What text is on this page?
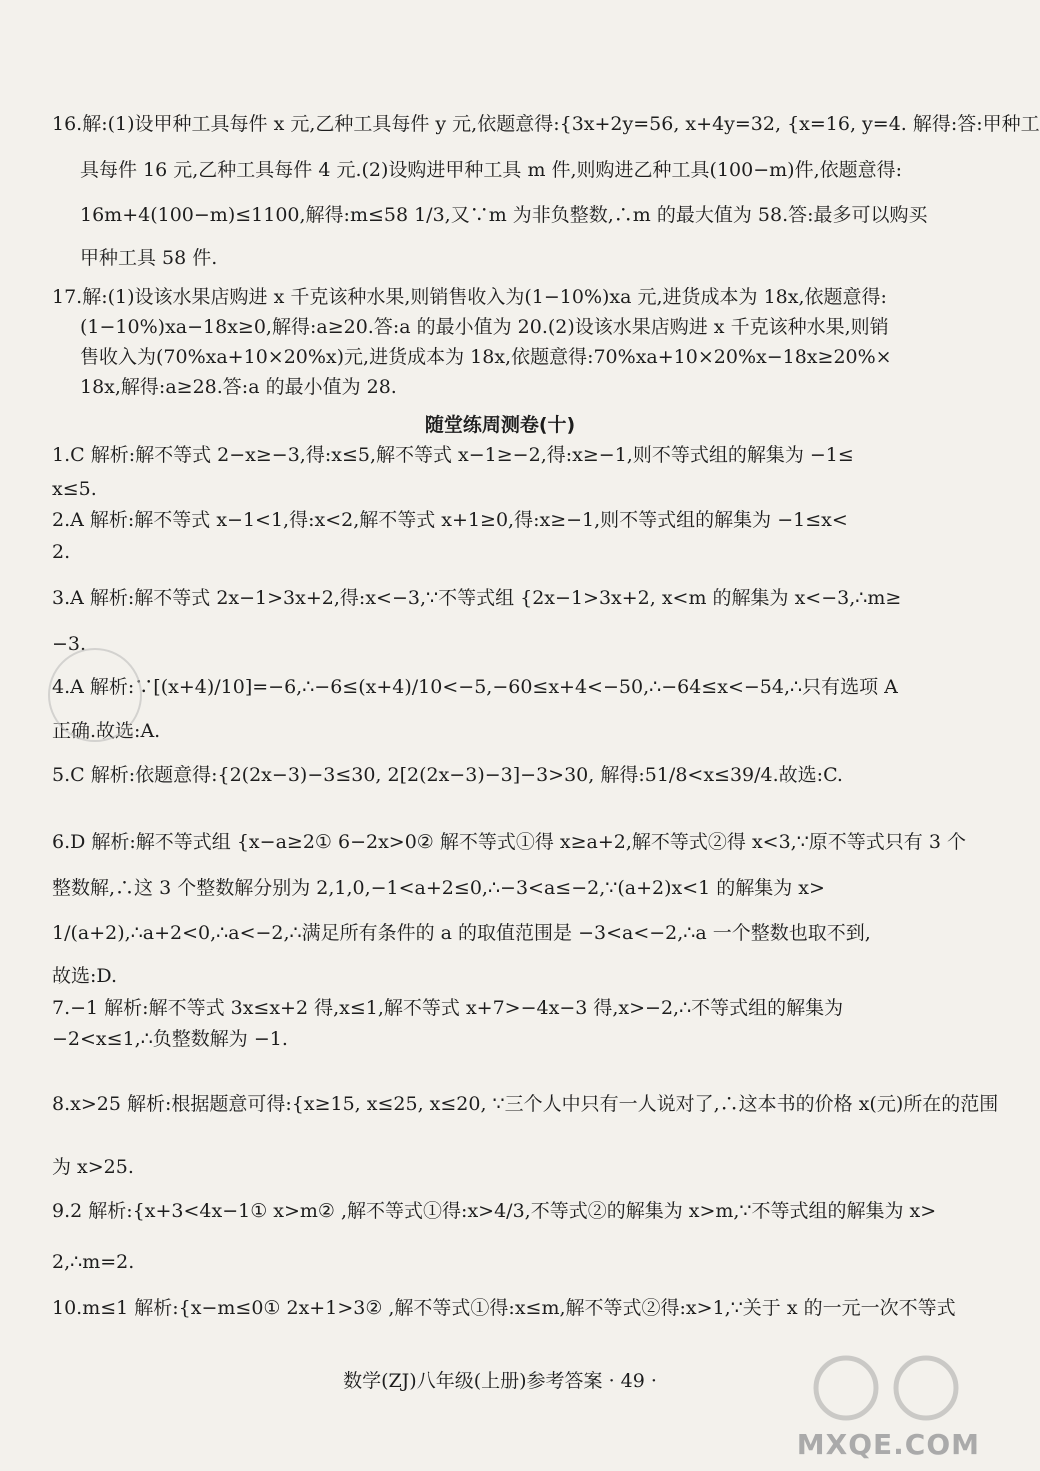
16.解:(1)设甲种工具每件 x 元,乙种工具每件 y 元,依题意得:{3x+2y=56, x+4y=32, {x=16, y=4. 解得:答:甲种工
具每件 16 元,乙种工具每件 4 元.(2)设购进甲种工具 m 件,则购进乙种工具(100−m)件,依题意得:
16m+4(100−m)≤1100,解得:m≤58 1/3,又∵m 为非负整数,∴m 的最大值为 58.答:最多可以购买
甲种工具 58 件.
17.解:(1)设该水果店购进 x 千克该种水果,则销售收入为(1−10%)xa 元,进货成本为 18x,依题意得:
(1−10%)xa−18x≥0,解得:a≥20.答:a 的最小值为 20.(2)设该水果店购进 x 千克该种水果,则销
售收入为(70%xa+10×20%x)元,进货成本为 18x,依题意得:70%xa+10×20%x−18x≥20%×
18x,解得:a≥28.答:a 的最小值为 28.
随堂练周测卷(十)
1.C 解析:解不等式 2−x≥−3,得:x≤5,解不等式 x−1≥−2,得:x≥−1,则不等式组的解集为 −1≤
x≤5.
2.A 解析:解不等式 x−1<1,得:x<2,解不等式 x+1≥0,得:x≥−1,则不等式组的解集为 −1≤x<
2.
3.A 解析:解不等式 2x−1>3x+2,得:x<−3,∵不等式组 {2x−1>3x+2, x<m 的解集为 x<−3,∴m≥
−3.
4.A 解析:∵[(x+4)/10]=−6,∴−6≤(x+4)/10<−5,−60≤x+4<−50,∴−64≤x<−54,∴只有选项 A
正确.故选:A.
5.C 解析:依题意得:{2(2x−3)−3≤30, 2[2(2x−3)−3]−3>30, 解得:51/8<x≤39/4.故选:C.
6.D 解析:解不等式组 {x−a≥2① 6−2x>0② 解不等式①得 x≥a+2,解不等式②得 x<3,∵原不等式只有 3 个
整数解,∴这 3 个整数解分别为 2,1,0,−1<a+2≤0,∴−3<a≤−2,∵(a+2)x<1 的解集为 x>
1/(a+2),∴a+2<0,∴a<−2,∴满足所有条件的 a 的取值范围是 −3<a<−2,∴a 一个整数也取不到,
故选:D.
7.−1 解析:解不等式 3x≤x+2 得,x≤1,解不等式 x+7>−4x−3 得,x>−2,∴不等式组的解集为
−2<x≤1,∴负整数解为 −1.
8.x>25 解析:根据题意可得:{x≥15, x≤25, x≤20, ∵三个人中只有一人说对了,∴这本书的价格 x(元)所在的范围
为 x>25.
9.2 解析:{x+3<4x−1① x>m② ,解不等式①得:x>4/3,不等式②的解集为 x>m,∵不等式组的解集为 x>
2,∴m=2.
10.m≤1 解析:{x−m≤0① 2x+1>3② ,解不等式①得:x≤m,解不等式②得:x>1,∵关于 x 的一元一次不等式
数学(ZJ)八年级(上册)参考答案 · 49 ·
MXQE.COM
